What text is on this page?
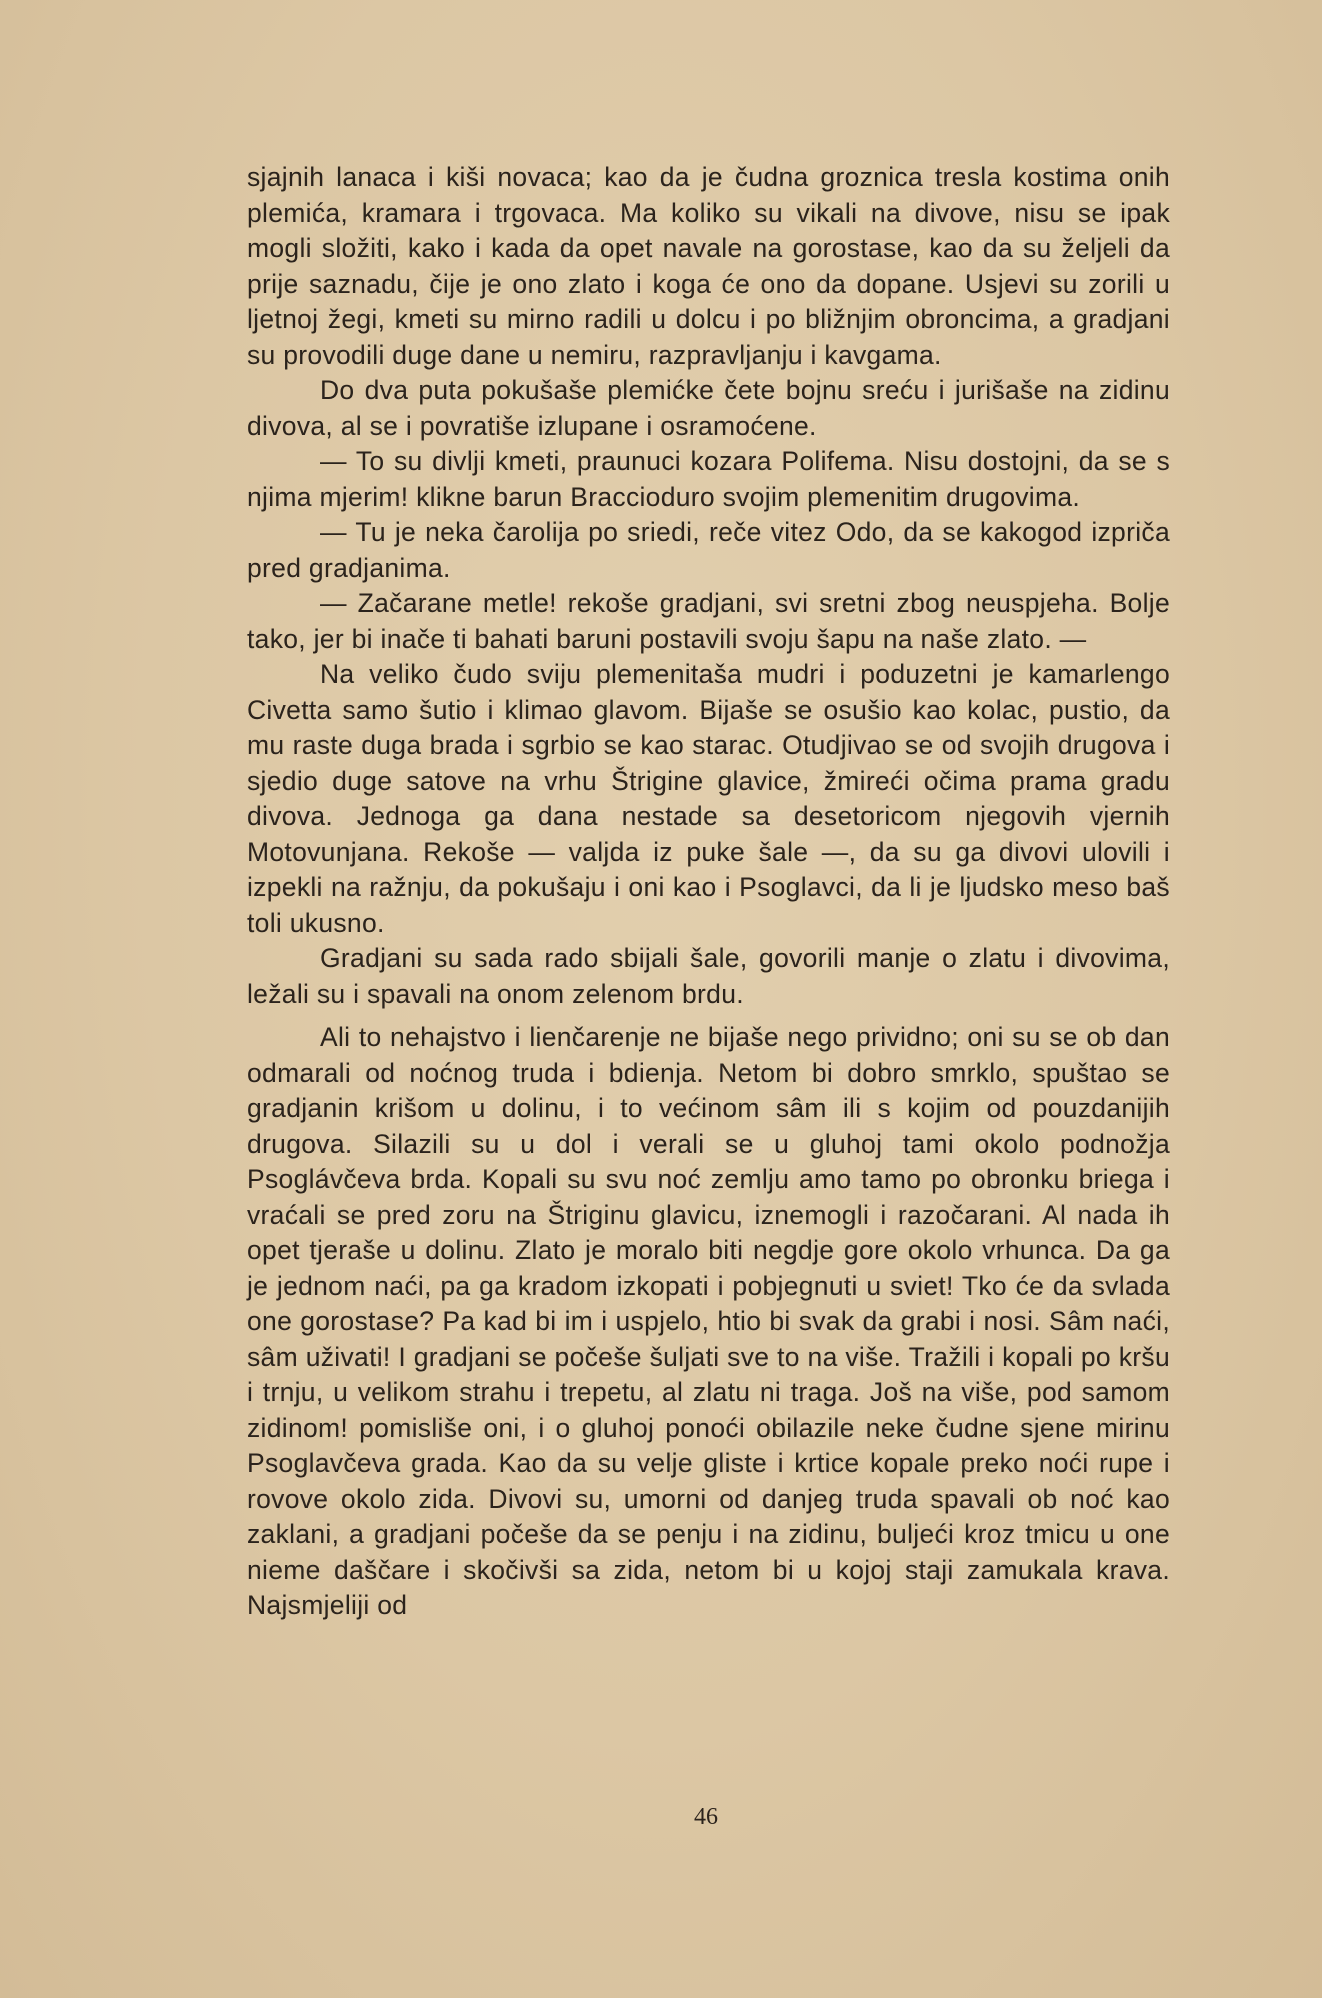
sjajnih lanaca i kiši novaca; kao da je čudna groznica tresla kostima onih plemića, kramara i trgovaca. Ma koliko su vikali na divove, nisu se ipak mogli složiti, kako i kada da opet navale na gorostase, kao da su željeli da prije saznadu, čije je ono zlato i koga će ono da dopane. Usjevi su zorili u ljetnoj žegi, kmeti su mirno radili u dolcu i po bližnjim obroncima, a gradjani su provodili duge dane u nemiru, razpravljanju i kavgama.

Do dva puta pokušaše plemićke čete bojnu sreću i jurišaše na zidinu divova, al se i povratiše izlupane i osramoćene.

— To su divlji kmeti, praunuci kozara Polifema. Nisu dostojni, da se s njima mjerim! klikne barun Braccioduro svojim plemenitim drugovima.

— Tu je neka čarolija po sriedi, reče vitez Odo, da se kakogod izpriča pred gradjanima.

— Začarane metle! rekoše gradjani, svi sretni zbog neuspjeha. Bolje tako, jer bi inače ti bahati baruni postavili svoju šapu na naše zlato. —

Na veliko čudo sviju plemenitaša mudri i poduzetni je kamarlengo Civetta samo šutio i klimao glavom. Bijaše se osušio kao kolac, pustio, da mu raste duga brada i sgrbio se kao starac. Otudjivao se od svojih drugova i sjedio duge satove na vrhu Štrigine glavice, žmireći očima prama gradu divova. Jednoga ga dana nestade sa desetoricom njegovih vjernih Motovunjana. Rekoše — valjda iz puke šale —, da su ga divovi ulovili i izpekli na ražnju, da pokušaju i oni kao i Psoglavci, da li je ljudsko meso baš toli ukusno.

Gradjani su sada rado sbijali šale, govorili manje o zlatu i divovima, ležali su i spavali na onom zelenom brdu.

Ali to nehajstvo i lienčarenje ne bijaše nego prividno; oni su se ob dan odmarali od noćnog truda i bdienja. Netom bi dobro smrklo, spuštao se gradjanin krišom u dolinu, i to većinom sâm ili s kojim od pouzdanijih drugova. Silazili su u dol i verali se u gluhoj tami okolo podnožja Psoglávčeva brda. Kopali su svu noć zemlju amo tamo po obronku briega i vraćali se pred zoru na Štriginu glavicu, iznemogli i razočarani. Al nada ih opet tjeraše u dolinu. Zlato je moralo biti negdje gore okolo vrhunca. Da ga je jednom naći, pa ga kradom izkopati i pobjegnuti u sviet! Tko će da svlada one gorostase? Pa kad bi im i uspjelo, htio bi svak da grabi i nosi. Sâm naći, sâm uživati! I gradjani se počeše šuljati sve to na više. Tražili i kopali po kršu i trnju, u velikom strahu i trepetu, al zlatu ni traga. Još na više, pod samom zidinom! pomisliše oni, i o gluhoj ponoći obilazile neke čudne sjene mirinu Psoglavčeva grada. Kao da su velje gliste i krtice kopale preko noći rupe i rovove okolo zida. Divovi su, umorni od danjeg truda spavali ob noć kao zaklani, a gradjani počeše da se penju i na zidinu, buljeći kroz tmicu u one nieme daščare i skočivši sa zida, netom bi u kojoj staji zamukala krava. Najsmjeliji od

46
